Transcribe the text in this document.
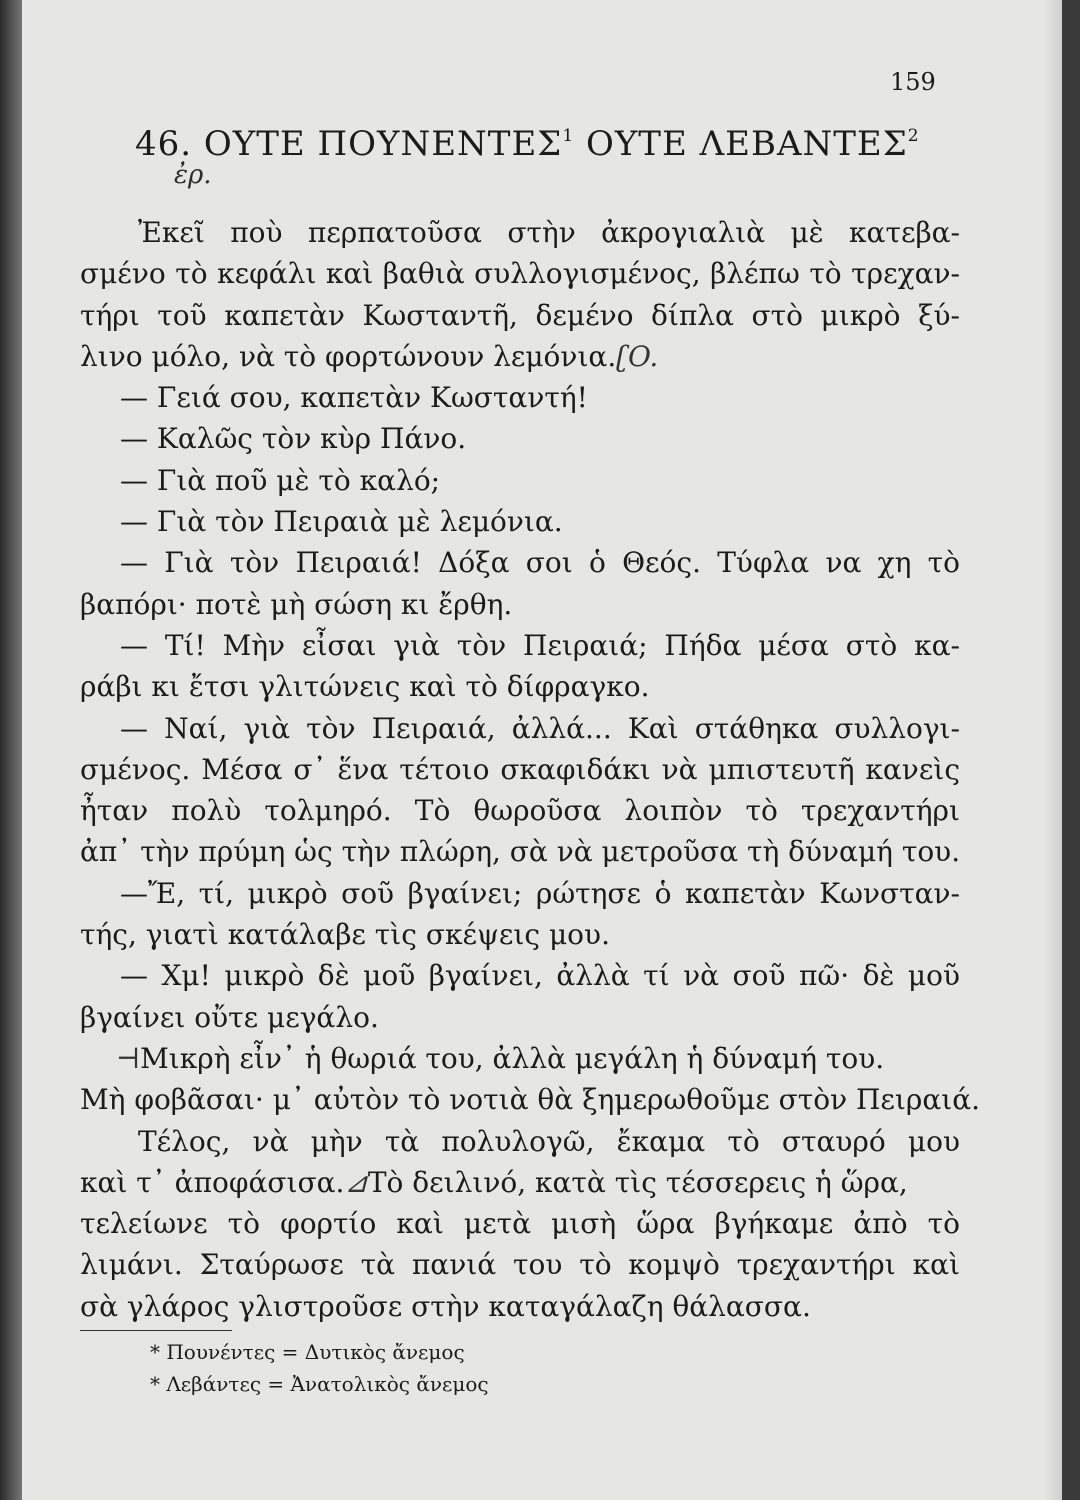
159
46. ΟΥΤΕ ΠΟΥΝΕΝΤΕΣ$^1$ ΟΥΤΕ ΛΕΒΑΝΤΕΣ$^2$
ἐρ.
Ἐκεῖ ποὺ περπατοῦσα στὴν ἀκρογιαλιὰ μὲ κατεβα-
σμένο τὸ κεφάλι καὶ βαθιὰ συλλογισμένος, βλέπω τὸ τρεχαν-
τήρι τοῦ καπετὰν Κωσταντῆ, δεμένο δίπλα στὸ μικρὸ ξύ-
λινο μόλο, νὰ τὸ φορτώνουν λεμόνια.ʗO.
— Γειά σου, καπετὰν Κωσταντή!
— Καλῶς τὸν κὺρ Πάνο.
— Γιὰ ποῦ μὲ τὸ καλό;
— Γιὰ τὸν Πειραιὰ μὲ λεμόνια.
— Γιὰ τὸν Πειραιά! Δόξα σοι ὁ Θεός. Τύφλα να χη τὸ
βαπόρι· ποτὲ μὴ σώση κι ἔρθη.
— Τί! Μὴν εἶσαι γιὰ τὸν Πειραιά; Πήδα μέσα στὸ κα-
ράβι κι ἔτσι γλιτώνεις καὶ τὸ δίφραγκο.
— Ναί, γιὰ τὸν Πειραιά, ἀλλά... Καὶ στάθηκα συλλογι-
σμένος. Μέσα σ᾽ ἕνα τέτοιο σκαφιδάκι νὰ μπιστευτῆ κανεὶς
ἦταν πολὺ τολμηρό. Τὸ θωροῦσα λοιπὸν τὸ τρεχαντήρι
ἀπ᾽ τὴν πρύμη ὡς τὴν πλώρη, σὰ νὰ μετροῦσα τὴ δύναμή του.
—Ἔ, τί, μικρὸ σοῦ βγαίνει; ρώτησε ὁ καπετὰν Κωνσταν-
τής, γιατὶ κατάλαβε τὶς σκέψεις μου.
— Χμ! μικρὸ δὲ μοῦ βγαίνει, ἀλλὰ τί νὰ σοῦ πῶ· δὲ μοῦ
βγαίνει οὔτε μεγάλο.
⊣Μικρὴ εἶν᾽ ἡ θωριά του, ἀλλὰ μεγάλη ἡ δύναμή του.
Μὴ φοβᾶσαι· μ᾽ αὐτὸν τὸ νοτιὰ θὰ ξημερωθοῦμε στὸν Πειραιά.
Τέλος, νὰ μὴν τὰ πολυλογῶ, ἔκαμα τὸ σταυρό μου
καὶ τ᾽ ἀποφάσισα.⊿Τὸ δειλινό, κατὰ τὶς τέσσερεις ἡ ὥρα,
τελείωνε τὸ φορτίο καὶ μετὰ μισὴ ὥρα βγήκαμε ἀπὸ τὸ
λιμάνι. Σταύρωσε τὰ πανιά του τὸ κομψὸ τρεχαντήρι καὶ
σὰ γλάρος γλιστροῦσε στὴν καταγάλαζη θάλασσα.
* Πουνέντες = Δυτικὸς ἄνεμος
* Λεβάντες = Ἀνατολικὸς ἄνεμος
